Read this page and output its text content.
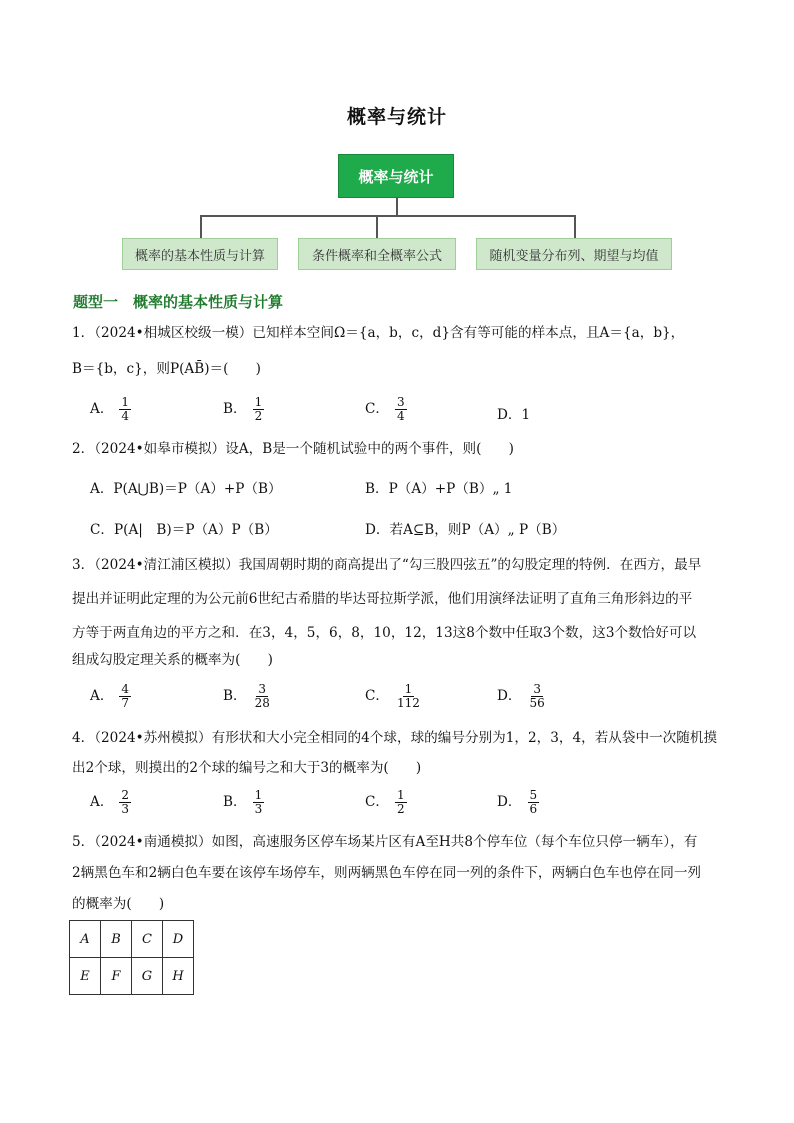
概率与统计
概率与统计
概率的基本性质与计算	条件概率和全概率公式	随机变量分布列、期望与均值
题型一　概率的基本性质与计算
1．（2024•相城区校级一模）已知样本空间Ω＝{a，b，c，d}含有等可能的样本点，且A＝{a，b}，
B＝{b，c}，则P(AB̄)＝(　　)
A． $\frac{1}{4}$	B． $\frac{1}{2}$	C． $\frac{3}{4}$	D．1
2．（2024•如皋市模拟）设A，B是一个随机试验中的两个事件，则(　　)
A．P(A⋃B)＝P（A）+P（B）	B．P（A）+P（B）„ 1
C．P(A|　B)＝P（A）P（B）	D．若A⊆B，则P（A）„ P（B）
3．（2024•清江浦区模拟）我国周朝时期的商高提出了“勾三股四弦五”的勾股定理的特例．在西方，最早
提出并证明此定理的为公元前6世纪古希腊的毕达哥拉斯学派，他们用演绎法证明了直角三角形斜边的平
方等于两直角边的平方之和．在3，4，5，6，8，10，12，13这8个数中任取3个数，这3个数恰好可以
组成勾股定理关系的概率为(　　)
A． $\frac{4}{7}$	B． $\frac{3}{28}$	C． $\frac{1}{112}$	D． $\frac{3}{56}$
4．（2024•苏州模拟）有形状和大小完全相同的4个球，球的编号分别为1，2，3，4，若从袋中一次随机摸
出2个球，则摸出的2个球的编号之和大于3的概率为(　　)
A． $\frac{2}{3}$	B． $\frac{1}{3}$	C． $\frac{1}{2}$	D． $\frac{5}{6}$
5．（2024•南通模拟）如图，高速服务区停车场某片区有A至H共8个停车位（每个车位只停一辆车），有
2辆黑色车和2辆白色车要在该停车场停车，则两辆黑色车停在同一列的条件下，两辆白色车也停在同一列
的概率为(　　)
A	B	C	D
E	F	G	H
